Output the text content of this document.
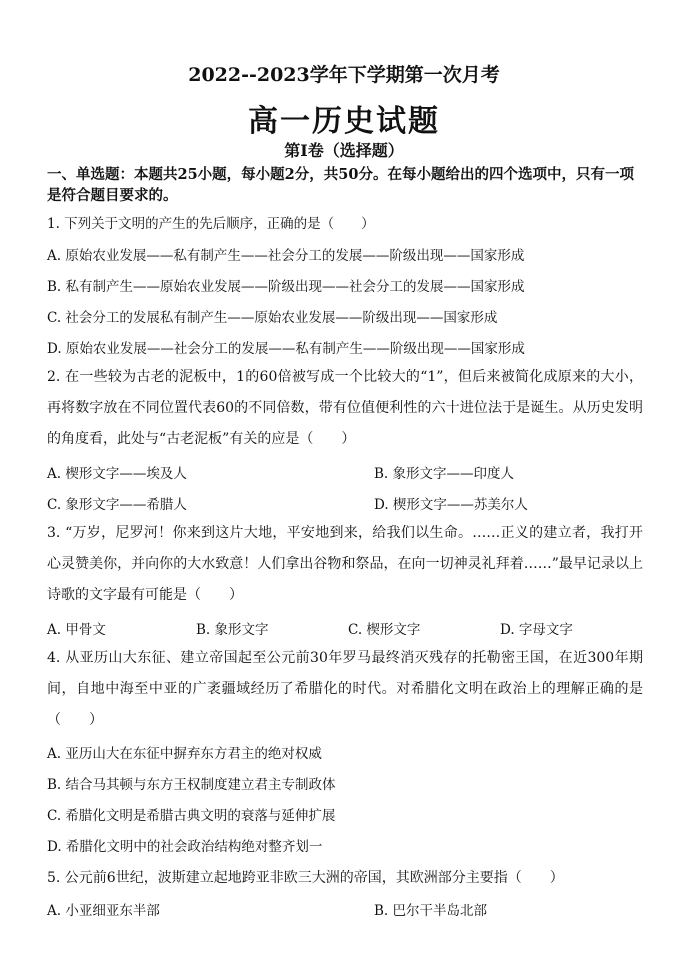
2022--2023学年下学期第一次月考
高一历史试题
第Ⅰ卷（选择题）
一、单选题：本题共25小题，每小题2分，共50分。在每小题给出的四个选项中，只有一项是符合题目要求的。
1. 下列关于文明的产生的先后顺序，正确的是（　　）
A. 原始农业发展——私有制产生——社会分工的发展——阶级出现——国家形成
B. 私有制产生——原始农业发展——阶级出现——社会分工的发展——国家形成
C. 社会分工的发展私有制产生——原始农业发展——阶级出现——国家形成
D. 原始农业发展——社会分工的发展——私有制产生——阶级出现——国家形成
2. 在一些较为古老的泥板中，1的60倍被写成一个比较大的“1”，但后来被简化成原来的大小，再将数字放在不同位置代表60的不同倍数，带有位值便利性的六十进位法于是诞生。从历史发明的角度看，此处与“古老泥板”有关的应是（　　）
A. 楔形文字——埃及人	B. 象形文字——印度人
C. 象形文字——希腊人	D. 楔形文字——苏美尔人
3. “万岁，尼罗河！你来到这片大地，平安地到来，给我们以生命。……正义的建立者，我打开心灵赞美你，并向你的大水致意！人们拿出谷物和祭品，在向一切神灵礼拜着……”最早记录以上诗歌的文字最有可能是（　　）
A. 甲骨文	B. 象形文字	C. 楔形文字	D. 字母文字
4. 从亚历山大东征、建立帝国起至公元前30年罗马最终消灭残存的托勒密王国，在近300年期间，自地中海至中亚的广袤疆域经历了希腊化的时代。对希腊化文明在政治上的理解正确的是（　　）
A. 亚历山大在东征中摒弃东方君主的绝对权威
B. 结合马其顿与东方王权制度建立君主专制政体
C. 希腊化文明是希腊古典文明的衰落与延伸扩展
D. 希腊化文明中的社会政治结构绝对整齐划一
5. 公元前6世纪，波斯建立起地跨亚非欧三大洲的帝国，其欧洲部分主要指（　　）
A. 小亚细亚东半部	B. 巴尔干半岛北部
